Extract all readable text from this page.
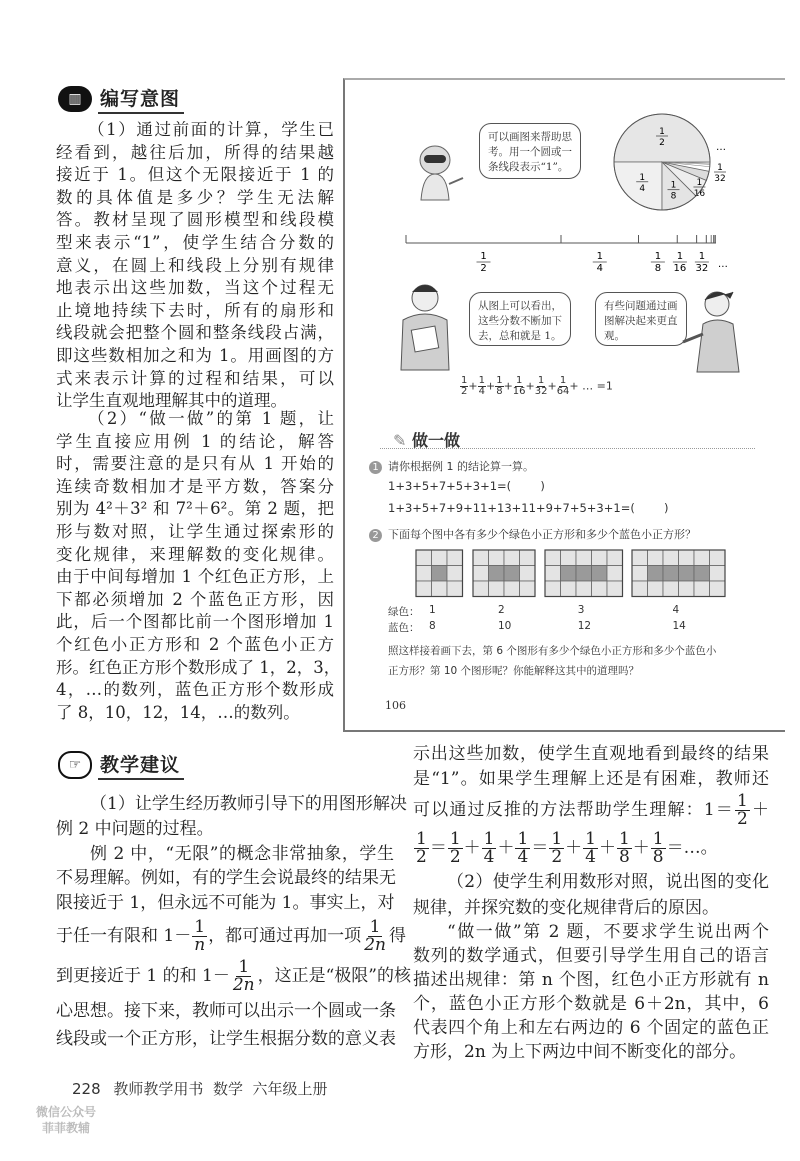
▥ 编写意图
（1）通过前面的计算，学生已
经看到，越往后加，所得的结果越
接近于 1。但这个无限接近于 1 的
数的具体值是多少？学生无法解
答。教材呈现了圆形模型和线段模
型来表示“1”，使学生结合分数的
意义，在圆上和线段上分别有规律
地表示出这些加数，当这个过程无
止境地持续下去时，所有的扇形和
线段就会把整个圆和整条线段占满，
即这些数相加之和为 1。用画图的方
式来表示计算的过程和结果，可以
让学生直观地理解其中的道理。
（2）“做一做”的第 1 题，让
学生直接应用例 1 的结论，解答
时，需要注意的是只有从 1 开始的
连续奇数相加才是平方数，答案分
别为 4²＋3² 和 7²＋6²。第 2 题，把
形与数对照，让学生通过探索形的
变化规律，来理解数的变化规律。
由于中间每增加 1 个红色正方形，上
下都必须增加 2 个蓝色正方形，因
此，后一个图都比前一个图形增加 1
个红色小正方形和 2 个蓝色小正方
形。红色正方形个数形成了 1，2，3，
4，…的数列，蓝色正方形个数形成
了 8，10，12，14，…的数列。
可以画图来帮助思考。用一个圆或一条线段表示“1”。
1
2
1
4	1
8
1
16
1
32
…
1
2
1
4
1
8
1
16
1
32 …
从图上可以看出，这些分数不断加下去，总和就是 1。
有些问题通过画图解决起来更直观。
$\frac{1}{2} + \frac{1}{4} + \frac{1}{8} + \frac{1}{16} + \frac{1}{32} + \frac{1}{64}$ + … =1
✎ 做一做
1 请你根据例 1 的结论算一算。
1+3+5+7+5+3+1=(        )
1+3+5+7+9+11+13+11+9+7+5+3+1=(        )
2 下面每个图中各有多少个绿色小正方形和多少个蓝色小正方形？
绿色：
蓝色：
1
8
2
10
3
12
4
14
照这样接着画下去，第 6 个图形有多少个绿色小正方形和多少个蓝色小
正方形？第 10 个图形呢？你能解释这其中的道理吗？
106
☞ 教学建议
（1）让学生经历教师引导下的用图形解决
例 2 中问题的过程。
例 2 中，“无限”的概念非常抽象，学生
不易理解。例如，有的学生会说最终的结果无
限接近于 1，但永远不可能为 1。事实上，对
于任一有限和 $1- \frac{1}{n}$ ，都可通过再加一项 $\frac{1}{2n}$ 得
到更接近于 1 的和 $1- \frac{1}{2n}$ ，这正是“极限”的核
心思想。接下来，教师可以出示一个圆或一条
线段或一个正方形，让学生根据分数的意义表
示出这些加数，使学生直观地看到最终的结果
是“1”。如果学生理解上还是有困难，教师还
可以通过反推的方法帮助学生理解：$1= \frac{1}{2}$ ＋
$\frac{1}{2} = \frac{1}{2} + \frac{1}{4} + \frac{1}{4} = \frac{1}{2} + \frac{1}{4} + \frac{1}{8} + \frac{1}{8}$ ＝…。
（2）使学生利用数形对照，说出图的变化
规律，并探究数的变化规律背后的原因。
“做一做”第 2 题，不要求学生说出两个
数列的数学通式，但要引导学生用自己的语言
描述出规律：第 n 个图，红色小正方形就有 n
个，蓝色小正方形个数就是 6＋2n，其中，6
代表四个角上和左右两边的 6 个固定的蓝色正
方形，2n 为上下两边中间不断变化的部分。
228 教师教学用书  数学  六年级上册
微信公众号
菲菲教辅
